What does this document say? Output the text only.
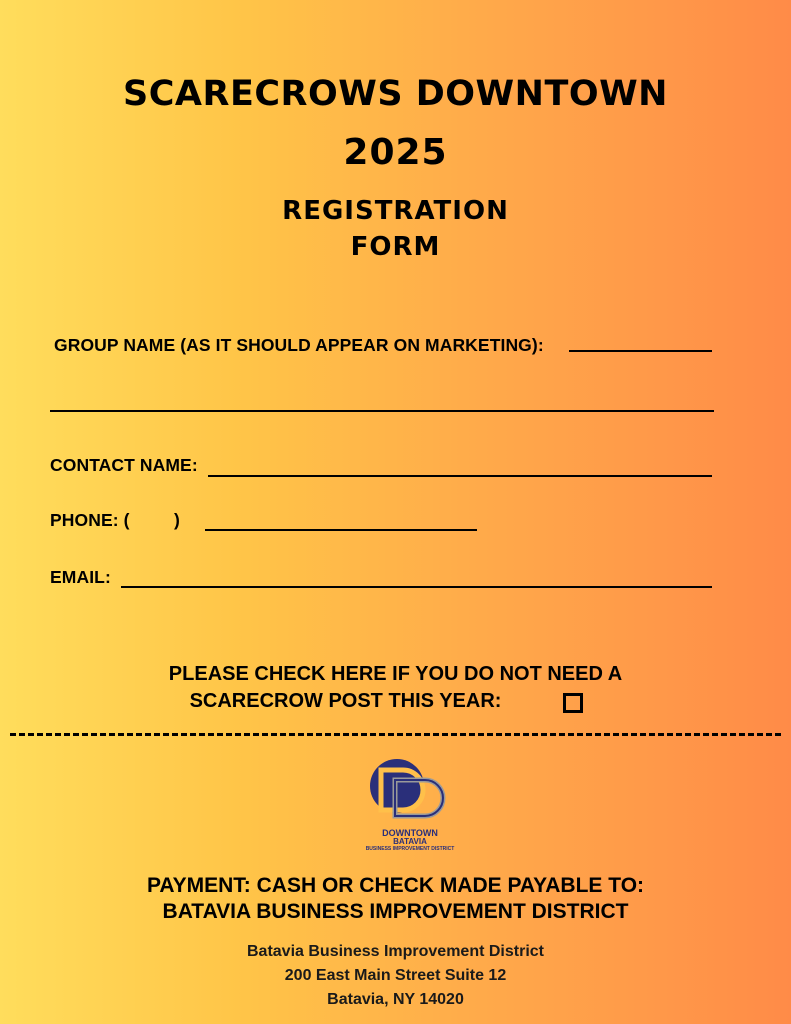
SCARECROWS DOWNTOWN
2025
REGISTRATION
FORM
GROUP NAME (AS IT SHOULD APPEAR ON MARKETING):
CONTACT NAME:
PHONE: (	)
EMAIL:
PLEASE CHECK HERE IF YOU DO NOT NEED A
SCARECROW POST THIS YEAR:
DOWNTOWN
BATAVIA
BUSINESS IMPROVEMENT DISTRICT
PAYMENT: CASH OR CHECK MADE PAYABLE TO:
BATAVIA BUSINESS IMPROVEMENT DISTRICT
Batavia Business Improvement District
200 East Main Street Suite 12
Batavia, NY 14020
